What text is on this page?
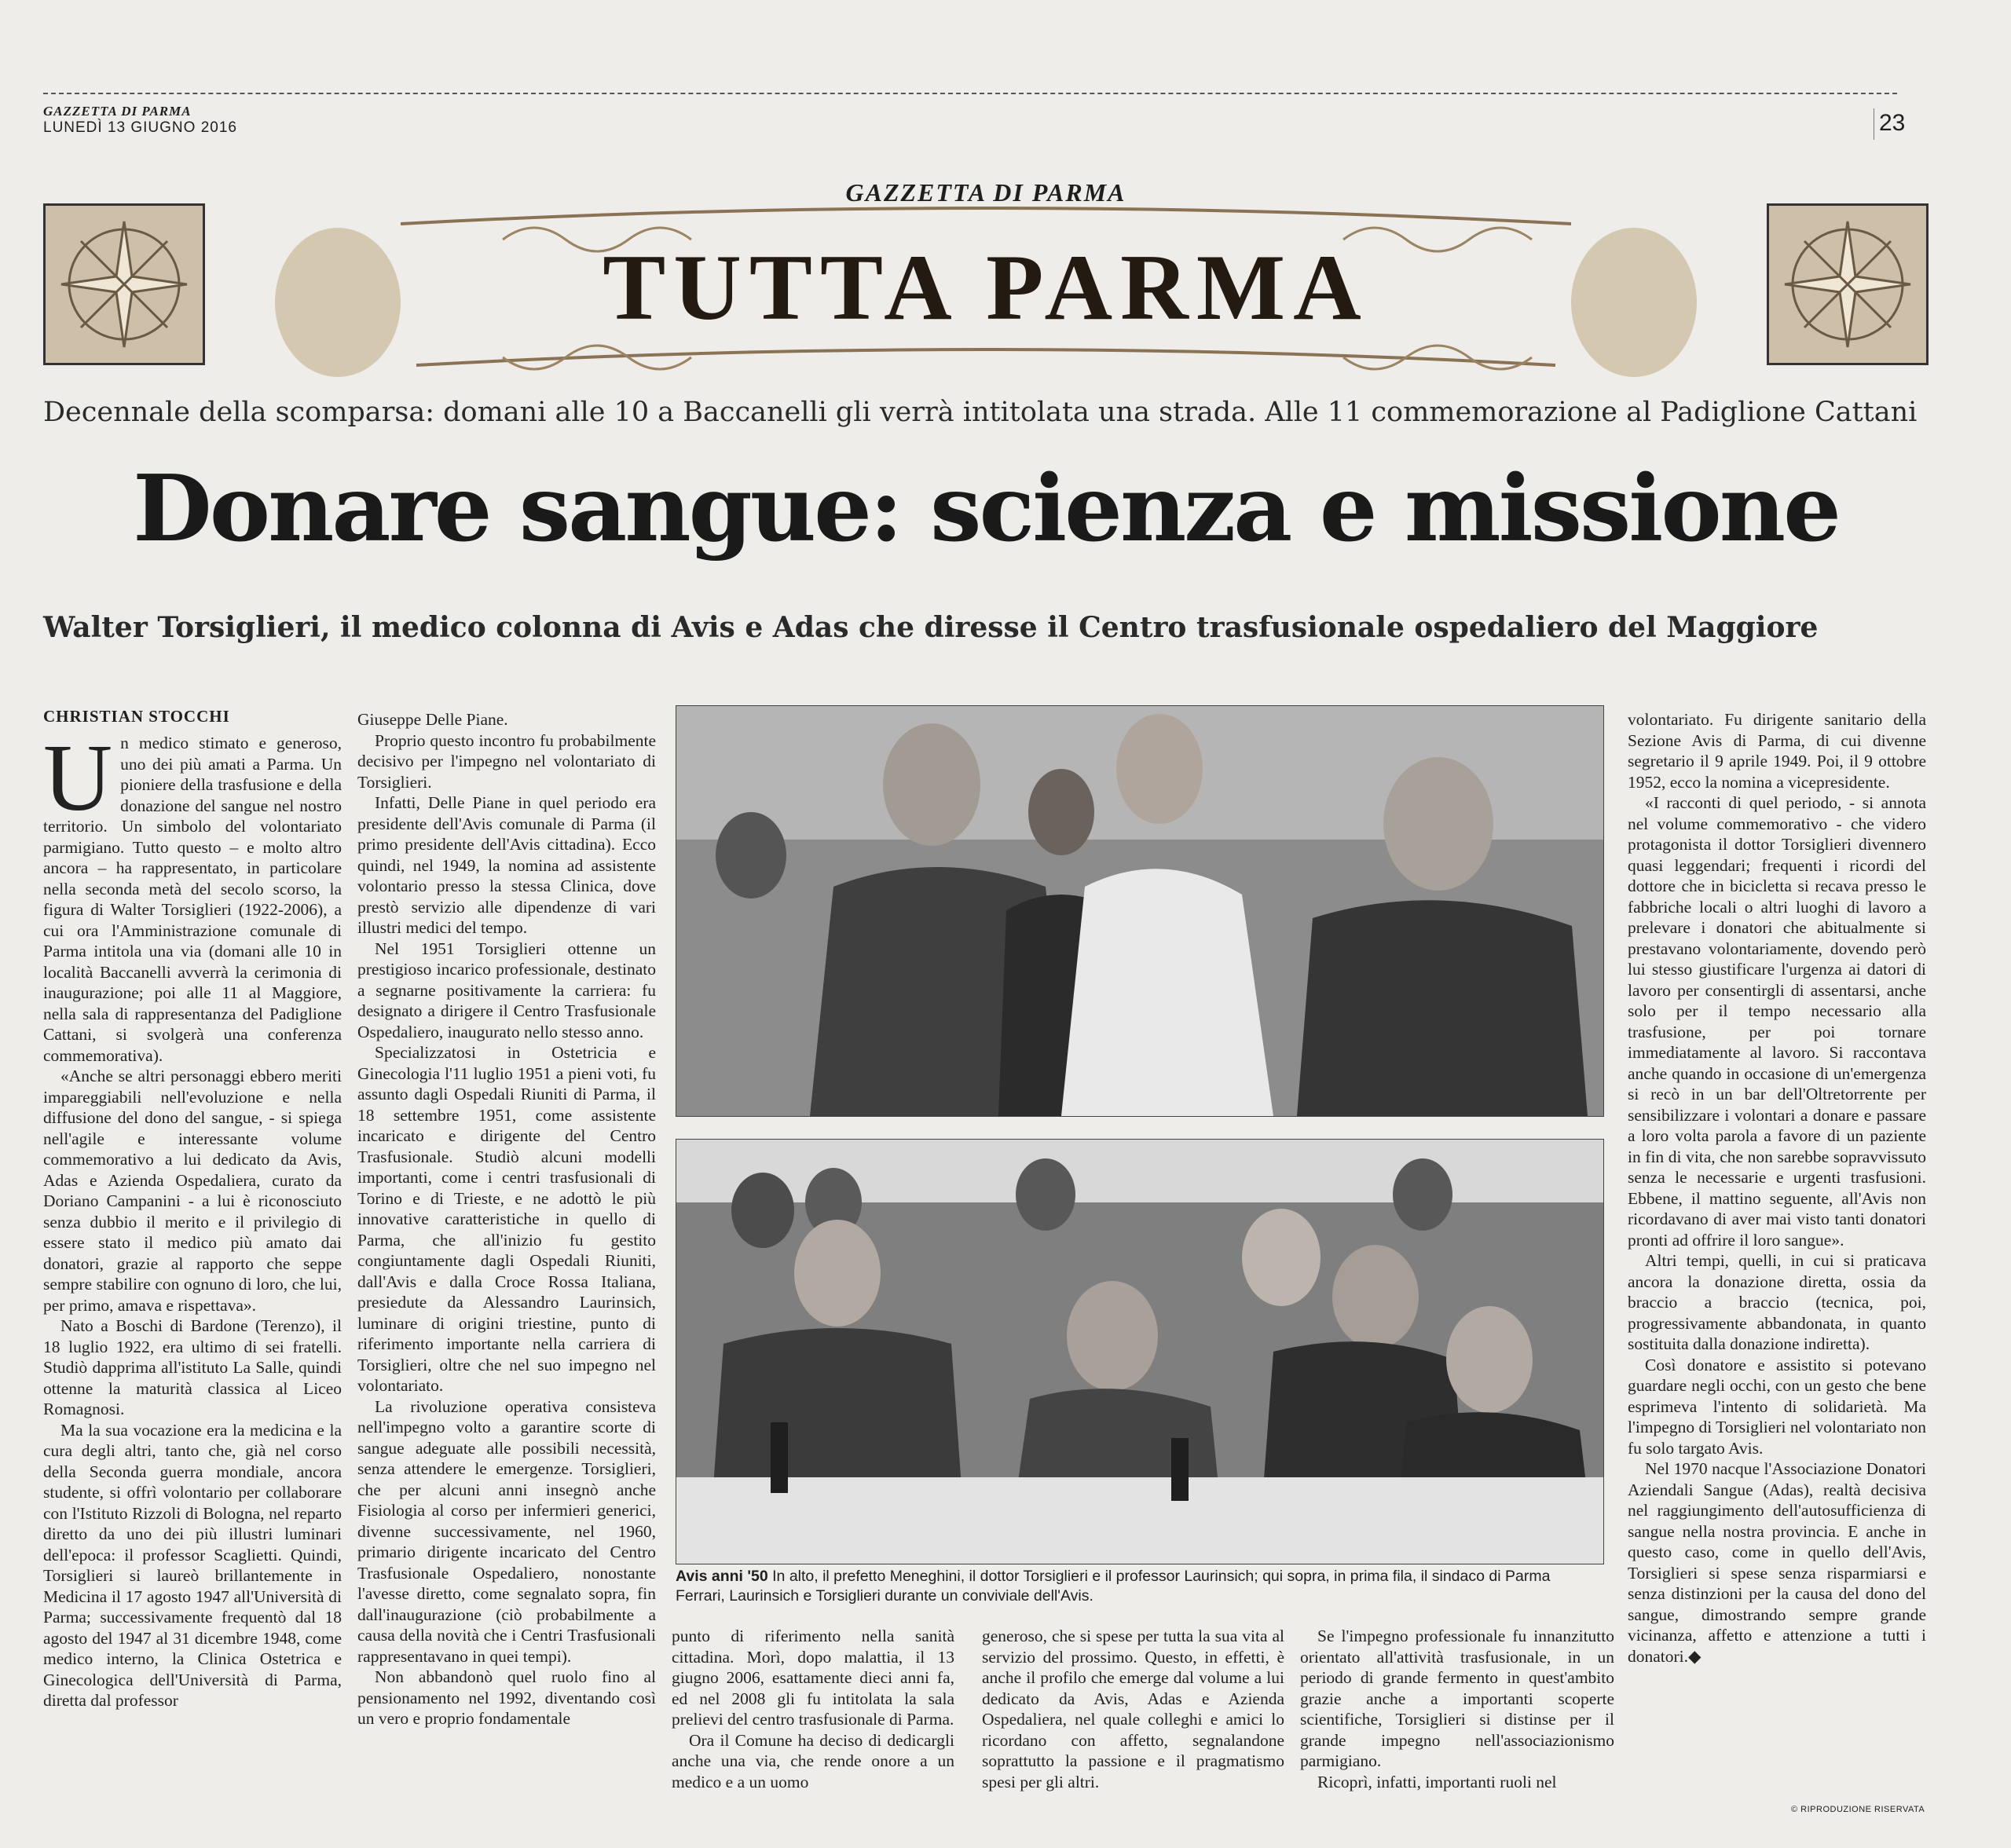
GAZZETTA DI PARMA
LUNEDÌ 13 GIUGNO 2016	23
GAZZETTA DI PARMA
TUTTA PARMA
Decennale della scomparsa: domani alle 10 a Baccanelli gli verrà intitolata una strada. Alle 11 commemorazione al Padiglione Cattani
Donare sangue: scienza e missione
Walter Torsiglieri, il medico colonna di Avis e Adas che diresse il Centro trasfusionale ospedaliero del Maggiore
CHRISTIAN STOCCHI
U n medico stimato e generoso, uno dei più amati a Parma. Un pioniere della trasfusione e della donazione del sangue nel nostro territorio. Un simbolo del volontariato parmigiano. Tutto questo – e molto altro ancora – ha rappresentato, in particolare nella seconda metà del secolo scorso, la figura di Walter Torsiglieri (1922-2006), a cui ora l'Amministrazione comunale di Parma intitola una via (domani alle 10 in località Baccanelli avverrà la cerimonia di inaugurazione; poi alle 11 al Maggiore, nella sala di rappresentanza del Padiglione Cattani, si svolgerà una conferenza commemorativa).

«Anche se altri personaggi ebbero meriti impareggiabili nell'evoluzione e nella diffusione del dono del sangue, - si spiega nell'agile e interessante volume commemorativo a lui dedicato da Avis, Adas e Azienda Ospedaliera, curato da Doriano Campanini - a lui è riconosciuto senza dubbio il merito e il privilegio di essere stato il medico più amato dai donatori, grazie al rapporto che seppe sempre stabilire con ognuno di loro, che lui, per primo, amava e rispettava».

Nato a Boschi di Bardone (Terenzo), il 18 luglio 1922, era ultimo di sei fratelli. Studiò dapprima all'istituto La Salle, quindi ottenne la maturità classica al Liceo Romagnosi.

Ma la sua vocazione era la medicina e la cura degli altri, tanto che, già nel corso della Seconda guerra mondiale, ancora studente, si offrì volontario per collaborare con l'Istituto Rizzoli di Bologna, nel reparto diretto da uno dei più illustri luminari dell'epoca: il professor Scaglietti. Quindi, Torsiglieri si laureò brillantemente in Medicina il 17 agosto 1947 all'Università di Parma; successivamente frequentò dal 18 agosto del 1947 al 31 dicembre 1948, come medico interno, la Clinica Ostetrica e Ginecologica dell'Università di Parma, diretta dal professor

Giuseppe Delle Piane.

Proprio questo incontro fu probabilmente decisivo per l'impegno nel volontariato di Torsiglieri.

Infatti, Delle Piane in quel periodo era presidente dell'Avis comunale di Parma (il primo presidente dell'Avis cittadina). Ecco quindi, nel 1949, la nomina ad assistente volontario presso la stessa Clinica, dove prestò servizio alle dipendenze di vari illustri medici del tempo.

Nel 1951 Torsiglieri ottenne un prestigioso incarico professionale, destinato a segnarne positivamente la carriera: fu designato a dirigere il Centro Trasfusionale Ospedaliero, inaugurato nello stesso anno.

Specializzatosi in Ostetricia e Ginecologia l'11 luglio 1951 a pieni voti, fu assunto dagli Ospedali Riuniti di Parma, il 18 settembre 1951, come assistente incaricato e dirigente del Centro Trasfusionale. Studiò alcuni modelli importanti, come i centri trasfusionali di Torino e di Trieste, e ne adottò le più innovative caratteristiche in quello di Parma, che all'inizio fu gestito congiuntamente dagli Ospedali Riuniti, dall'Avis e dalla Croce Rossa Italiana, presiedute da Alessandro Laurinsich, luminare di origini triestine, punto di riferimento importante nella carriera di Torsiglieri, oltre che nel suo impegno nel volontariato.

La rivoluzione operativa consisteva nell'impegno volto a garantire scorte di sangue adeguate alle possibili necessità, senza attendere le emergenze. Torsiglieri, che per alcuni anni insegnò anche Fisiologia al corso per infermieri generici, divenne successivamente, nel 1960, primario dirigente incaricato del Centro Trasfusionale Ospedaliero, nonostante l'avesse diretto, come segnalato sopra, fin dall'inaugurazione (ciò probabilmente a causa della novità che i Centri Trasfusionali rappresentavano in quei tempi).

Non abbandonò quel ruolo fino al pensionamento nel 1992, diventando così un vero e proprio fondamentale

Avis anni '50 In alto, il prefetto Meneghini, il dottor Torsiglieri e il professor Laurinsich; qui sopra, in prima fila, il sindaco di Parma Ferrari, Laurinsich e Torsiglieri durante un conviviale dell'Avis.

punto di riferimento nella sanità cittadina. Morì, dopo malattia, il 13 giugno 2006, esattamente dieci anni fa, ed nel 2008 gli fu intitolata la sala prelievi del centro trasfusionale di Parma.

Ora il Comune ha deciso di dedicargli anche una via, che rende onore a un medico e a un uomo

generoso, che si spese per tutta la sua vita al servizio del prossimo. Questo, in effetti, è anche il profilo che emerge dal volume a lui dedicato da Avis, Adas e Azienda Ospedaliera, nel quale colleghi e amici lo ricordano con affetto, segnalandone soprattutto la passione e il pragmatismo spesi per gli altri.

Se l'impegno professionale fu innanzitutto orientato all'attività trasfusionale, in un periodo di grande fermento in quest'ambito grazie anche a importanti scoperte scientifiche, Torsiglieri si distinse per il grande impegno nell'associazionismo parmigiano.

Ricoprì, infatti, importanti ruoli nel

volontariato. Fu dirigente sanitario della Sezione Avis di Parma, di cui divenne segretario il 9 aprile 1949. Poi, il 9 ottobre 1952, ecco la nomina a vicepresidente.

«I racconti di quel periodo, - si annota nel volume commemorativo - che videro protagonista il dottor Torsiglieri divennero quasi leggendari; frequenti i ricordi del dottore che in bicicletta si recava presso le fabbriche locali o altri luoghi di lavoro a prelevare i donatori che abitualmente si prestavano volontariamente, dovendo però lui stesso giustificare l'urgenza ai datori di lavoro per consentirgli di assentarsi, anche solo per il tempo necessario alla trasfusione, per poi tornare immediatamente al lavoro. Si raccontava anche quando in occasione di un'emergenza si recò in un bar dell'Oltretorrente per sensibilizzare i volontari a donare e passare a loro volta parola a favore di un paziente in fin di vita, che non sarebbe sopravvissuto senza le necessarie e urgenti trasfusioni. Ebbene, il mattino seguente, all'Avis non ricordavano di aver mai visto tanti donatori pronti ad offrire il loro sangue».

Altri tempi, quelli, in cui si praticava ancora la donazione diretta, ossia da braccio a braccio (tecnica, poi, progressivamente abbandonata, in quanto sostituita dalla donazione indiretta).

Così donatore e assistito si potevano guardare negli occhi, con un gesto che bene esprimeva l'intento di solidarietà. Ma l'impegno di Torsiglieri nel volontariato non fu solo targato Avis.

Nel 1970 nacque l'Associazione Donatori Aziendali Sangue (Adas), realtà decisiva nel raggiungimento dell'autosufficienza di sangue nella nostra provincia. E anche in questo caso, come in quello dell'Avis, Torsiglieri si spese senza risparmiarsi e senza distinzioni per la causa del dono del sangue, dimostrando sempre grande vicinanza, affetto e attenzione a tutti i donatori.◆

© RIPRODUZIONE RISERVATA
